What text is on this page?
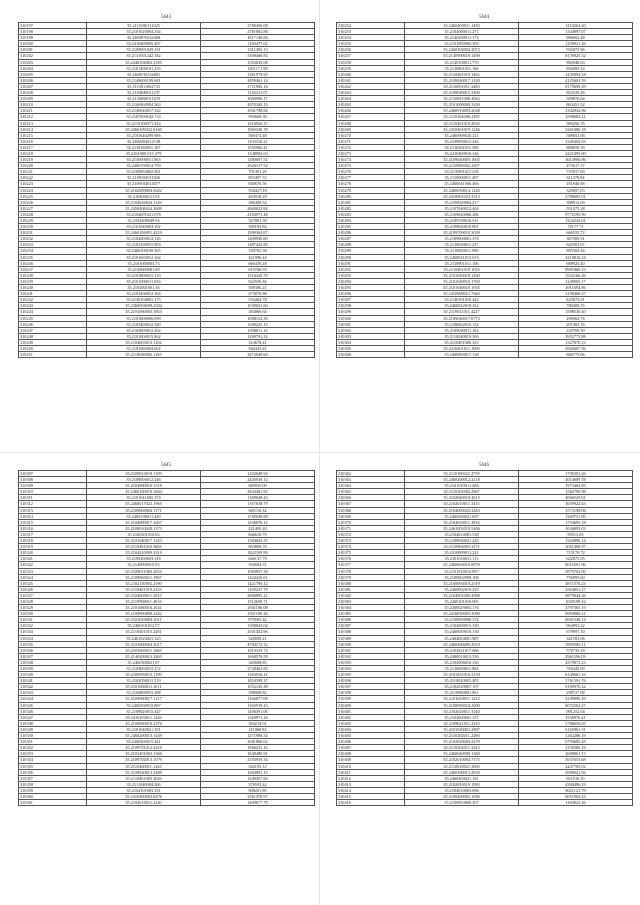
5643
310197	35.2110106111025	2780456.08
310198	35.2101020004.334	2781802.88
310199	35.2469870234498	1617140.84
310200	35.2416488005.487	1160477.62
310201	35.2109001029.331	1311492.13
310202	35.2131001242.182	5300468.83
310203	35.2448104063.3185	1583639.08
310204	35.2101400101.235	1851171.89
310205	35.2468150154681	1361979.85
310206	35.2149000109.681	2859461.14
310207	35.2110011062735	1751906.16
310208	35.2104040011237	1126231.07
310209	35.2130000011670	1060906.17
310210	35.2160460004.363	2855349.13
310211	35.2149040017.322	1941798.84
310212	35.2107000102.733	993668.38
310213	35.2119160071.234	1616926.37
310214	35.2460109322.0160	1965336.78
310215	35.2101640299.986	569474.48
310216	35.2460204012138	1103310.21
310217	35.2110180011.107	1355960.41
310218	35.2161000.015.479	1348902.63
310219	35.2130000011.065	1180697.51
310220	35.2460190014.793	2626127.54
310221	35.2109004002.861	701491.26
310222	35.2109104011026	853497.72
310223	35.2109104014077	849676.56
310224	35.2102089004.3642	594427.18
310225	35.2104000211.03	463918.29
310226	35.2104020024.1129	286498.52
310227	35.2450406024.3609	2860023.84
310228	35.2104001021.078	2183971.48
310229	35.2104200049.94	527801.39
310230	35.2101040003.102	399193.82
310231	35.2460184091.4219	1999364.67
310232	35.2102000012.145	1409936.60
310233	35.2103100015.903	1487422.80
310234	35.2460100109.305	339782.38
310235	35.2101603012.164	421996.44
310236	35.2101060003.73	666439.48
310237	35.2130000001.89	619766.93
310238	35.2101800015.319	1516428.79
310239	35.2101000011.036	822939.46
310240	35.2102001001.16	508386.21
310241	35.2103400012.164	475870.86
310242	35.2130104001.175	554464.78
310243	35.2360004009.2302	1039021.60
310244	35.2101060003.1853	383860.64
310245	35.2101000006.090	1008154.39
310246	35.2103400012.349	1290225.15
310247	35.2104000012.262	1358811.16
310248	35.2101000015.862	1280791.32
310249	35.2104003013.1102	314678.41
310250	35.2101060004.602	564443.41
310251	35.2110040002.1165	2672049.60
5644
310252	35.2460400011.1450	3110264.20
310253	35.2104000011.271	1344997.07
310254	35.2140200011.172	986602.48
310255	35.2101000003.305	1250921.26
310256	35.2460102004.3072	932073.96
310257	35.2140900019.1490	8176925.32
310258	35.2140100011.770	882948.63
310259	35.2110901011.166	856085.14
310260	35.2110401019.1462	2435894.18
310261	35.2109040017.1430	4125601.59
310262	35.2110001011.3460	8175699.29
310263	35.2109040015.3400	843529.26
310264	35.2110091008.3044	509876.64
310265	35.2101000009.3200	863451.32
310266	35.2460910003.2048	1342932.96
310267	35.2110104008.2495	2598682.21
310268	35.2110401019.2016	989456.76
310269	35.2410401019.1246	3261086.18
310270	35.2460909020.211	589653.06
310271	35.2109000015.246	1340404.33
310272	35.2110201011.390	888659.39
310273	35.2410400016.246	2421095.00
310274	35.2109040003.1605	3613966.86
310275	35.2110900002.2307	475617.57
310276	35.2110901021.236	737817.60
310277	35.2110000011.407	611278.84
310278	35.2460041006.466	181840.68
310279	35.2460050014.1426	329697.03
310280	35.2410001023.3513	2788695.91
310281	35.2100020004.217	388912.69
310282	35.2107040012.404	551075.28
310283	35.2109040006.286	9775195.99
310284	35.2109700016.011	1234243.61
310285	35.2109040010.801	70177.71
310286	35.2109700010.3039	666555.72
310287	35.2109000001.376	367909.91
310288	35.2110040011.237	625581.07
310289	35.2110000011.090	895304.46
310290	35.2460021013.613	2210810.24
310291	35.2110901011.106	688923.40
310292	35.2110401019.1035	8901860.19
310293	35.2101040018.1290	1922166.26
310294	35.2101040010.1760	1249005.17
310295	35.2101040010.1935	4911694.86
310296	35.2410900021.7663	2198468.47
310297	35.2140101016.442	423875.01
310298	35.2460042019.252	788408.55
310299	35.2110021011.4227	1598530.40
310300	35.2109040017.6773	296964.76
310301	35.2106002010.132	207403.76
310302	35.2109040011.102	229769.59
310303	35.2110040019.306	3952775.88
310304	35.2110401000.335	1327870.13
310305	35.2410401011.1099	2902687.56
310306	35.2460900017.138	866775.06
5645
310307	35.2109010019.1109	1102048.94
310308	35.2109000012.246	2445038.12
310309	35.2104900010.1518	689035.00
310310	35.2460100019.1664	2944481.85
310311	35.2101041005.374	1309048.43
310312	35.2460017022.1965	1167638.79
310313	35.2109060004.1171	665116.34
310314	35.2460190011.449	1769038.88
310315	35.2104000017.1667	1236076.12
310316	35.2109010020.1373	421409.20
310317	35.2160201016.82	846610.79
310318	35.2101040017.1323	1384043.35
310319	35.2110401016.3665	863808.76
310320	35.2104210009.3314	1822109.99
310321	35.2109200003.318	646137.79
310322	35.2140090019.93	356694.31
310323	35.2109011003.2633	1083957.39
310324	35.2109060011.1967	1424416.61
310325	35.2102110002.2190	1421796.12
310326	35.2110401019.2153	1105237.79
310327	35.2104000011.3015	3860895.21
310328	35.2110908011.4016	1512658.71
310329	35.2101060016.2641	2941186.08
310330	35.2109000009.2442	1951190.26
310331	35.2101020004.1011	879585.42
310332	35.2460101012.57	1398843.04
310333	35.2110401015.2281	2501452.96
310334	35.2461020021.323	326858.21
310335	35.2101000004.3017	4784172.32
310336	35.2101060011.1065	1019319.72
310337	35.2140209013.3463	1668576.59
310338	35.2460300021.87	345608.85
310339	35.2104002015.272	2728461.82
310340	35.2109090013.1199	1163916.21
310341	35.2102050011.519	1854399.37
310342	35.2101000011.1011	1052145.38
310343	35.2104800015.268	398068.82
310344	35.2109060017.1217	1166877.08
310345	35.2460300015.867	1163919.43
310346	35.2109020015.447	1406391.06
310347	35.2410104011.1426	1360971.44
310348	35.2109000019.2376	394219.01
310349	35.2101040021.351	211968.82
310350	35.2460200013.1439	1271908.54
310351	35.2460200015.441	2681866.62
310352	35.2109701012.2419	1966231.16
310353	35.2103401002.1366	1848480.91
310354	35.2109702013.1079	2183939.34
310355	35.2110460011.1445	564193.12
310356	35.2109040013.3489	1004881.15
310357	35.2110401003.3026	1448457.84
310358	35.2111040004.206	379593.42
310359	35.2104101003.331	908201.89
310360	35.2410400003.6476	2561370.97
310361	35.2104010011.2220	1499677.79
5646
310362	35.2110100021.4759	1799291.26
310363	35.2460200012.2218	2014609.78
310364	35.2101010011.406	1973462.85
310365	35.2110102004.2967	1582790.98
310366	35.2102040010.4615	4066545.01
310367	35.2102010011.3415	3659922.43
310368	35.2104000022.3443	1573198.06
310369	35.2460200021.697	1269751.00
310370	35.2104020011.4816	1794695.18
310371	35.2461002019.5406	1636893.03
310372	35.2104610081.558	99513.85
310373	35.2109040021.225	1234996.14
310374	35.2110904003.3271	2051468.97
310375	35.2410009013.221	715178.72
310376	35.2101010011.113	622875.05
310377	35.2460004010.8078	6015201.96
310378	35.2101010010.897	3879762.90
310379	35.2109002009.106	756995.60
310380	35.2100094010.2519	3871576.23
310381	35.2460002019.219	2564951.27
310382	35.2104001009.4980	9879944.26
310383	35.2460101016.065	1029198.42
310384	35.2400029003.176	3797565.19
310385	35.2416050003.3090	6994960.21
310386	35.2100009090.372	6601540.14
310387	35.2104000013.330	964993.22
310388	35.2460039019.130	679997.30
310389	35.2404004001.987	341591.06
310390	35.2460400009.2019	5995580.11
310391	35.2102021017.066	579735.18
310392	35.2400010013.356	2961596.03
310393	35.2102006010.330	4379973.23
310394	35.2110000011.884	765445.09
310395	35.2101031016.3150	6149661.16
310396	35.2110010001.405	1761591.76
310397	35.2102029007.197	9189976.42
310398	35.2110960001.961	298727.08
310399	35.2101020011.1223	3239090.29
310400	35.2100090010.2900	6072563.27
310401	35.2102020011.3140	981252.04
310402	35.2102000001.157	1536976.41
310403	35.2109021011.2210	5786650.65
310404	35.2101020001.2807	6165961.31
310405	35.2110202011.2280	1262286.19
310406	35.2102020003.2270	6793685.45
310407	35.2110202011.3223	3150580.19
310408	35.2460040009.1369	2698061.15
310409	35.2102010004.7373	5937653.68
310410	35.2110010021.3000	2447785.02
310411	35.2460300013.2933	2908621.56
310412	35.2460400021.161	921916.35
310413	35.2102010019.1993	4398496.19
310414	35.2104010003.696	8021121.79
310415	35.2109400003.1096	6051902.23
310416	35.2109003009.307	1169822.26
